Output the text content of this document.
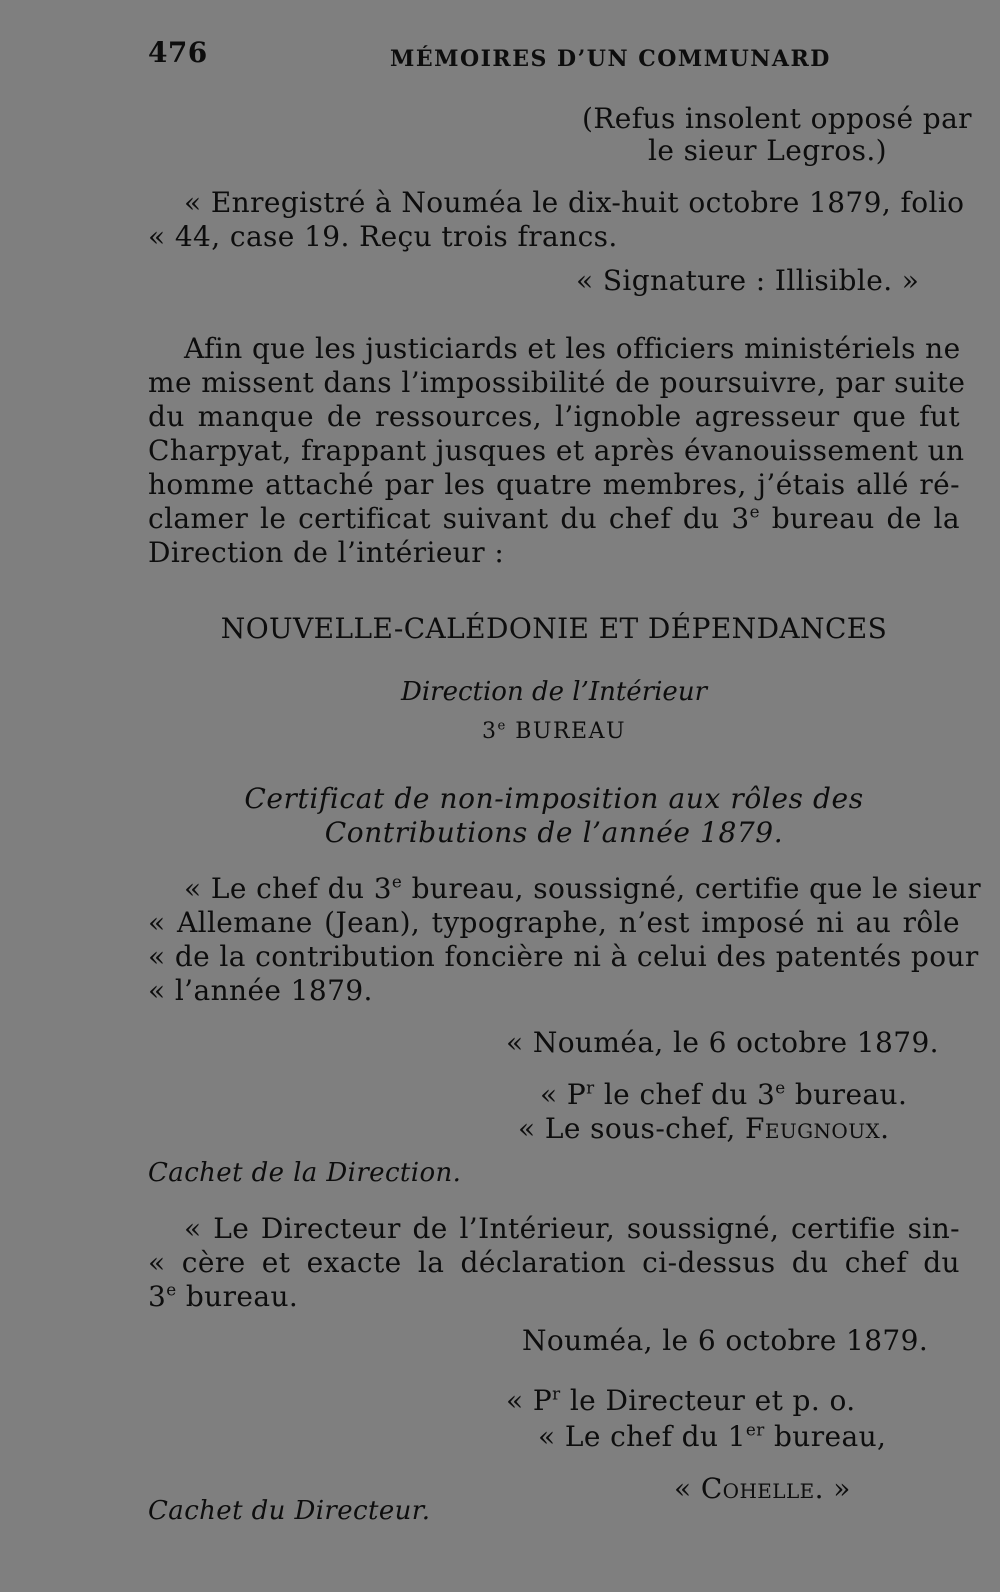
476	MÉMOIRES D’UN COMMUNARD
(Refus insolent opposé par
le sieur Legros.)
« Enregistré à Nouméa le dix-huit octobre 1879, folio
« 44, case 19. Reçu trois francs.
« Signature : Illisible. »
Afin que les justiciards et les officiers ministériels ne
me missent dans l’impossibilité de poursuivre, par suite
du manque de ressources, l’ignoble agresseur que fut
Charpyat, frappant jusques et après évanouissement un
homme attaché par les quatre membres, j’étais allé ré-
clamer le certificat suivant du chef du 3e bureau de la
Direction de l’intérieur :
NOUVELLE-CALÉDONIE ET DÉPENDANCES
Direction de l’Intérieur
3e BUREAU
Certificat de non-imposition aux rôles des
Contributions de l’année 1879.
« Le chef du 3e bureau, soussigné, certifie que le sieur
« Allemane (Jean), typographe, n’est imposé ni au rôle
« de la contribution foncière ni à celui des patentés pour
« l’année 1879.
« Nouméa, le 6 octobre 1879.
« $P^r$ le chef du 3e bureau.
« Le sous-chef, Feugnoux.
Cachet de la Direction.
« Le Directeur de l’Intérieur, soussigné, certifie sin-
« cère et exacte la déclaration ci-dessus du chef du
3e bureau.
Nouméa, le 6 octobre 1879.
« $P^r$ le Directeur et p. o.
« Le chef du 1er bureau,
« Cohelle. »
Cachet du Directeur.
